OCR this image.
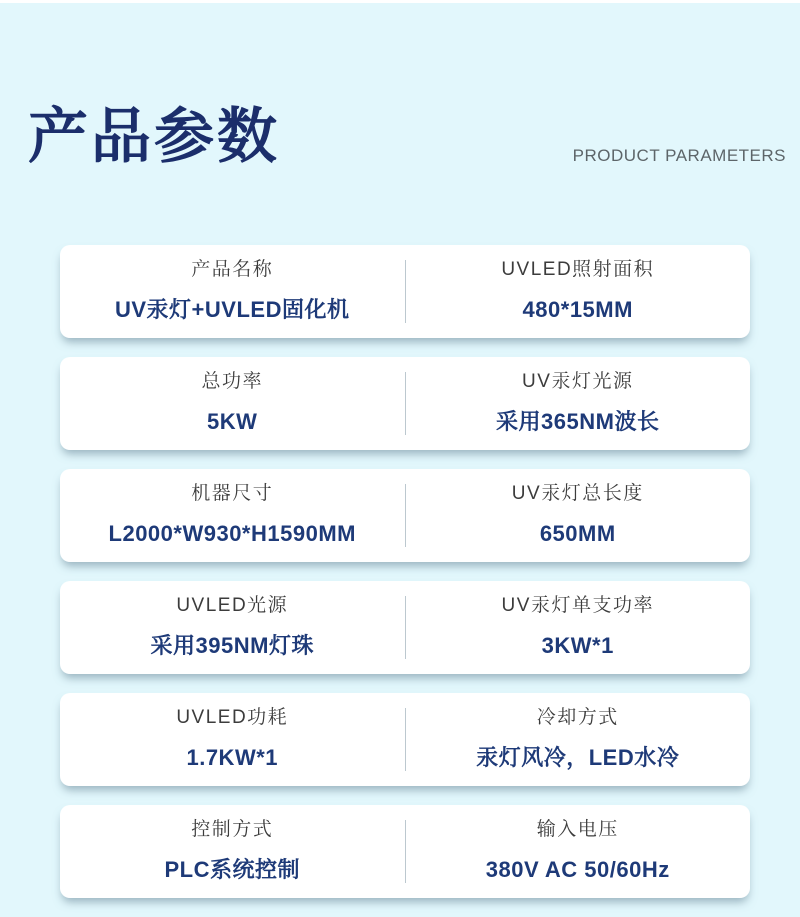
产品参数	PRODUCT PARAMETERS
产品名称
UV汞灯+UVLED固化机
UVLED照射面积
480*15MM
总功率
5KW
UV汞灯光源
采用365NM波长
机器尺寸
L2000*W930*H1590MM
UV汞灯总长度
650MM
UVLED光源
采用395NM灯珠
UV汞灯单支功率
3KW*1
UVLED功耗
1.7KW*1
冷却方式
汞灯风冷，LED水冷
控制方式
PLC系统控制
输入电压
380V AC 50/60Hz
